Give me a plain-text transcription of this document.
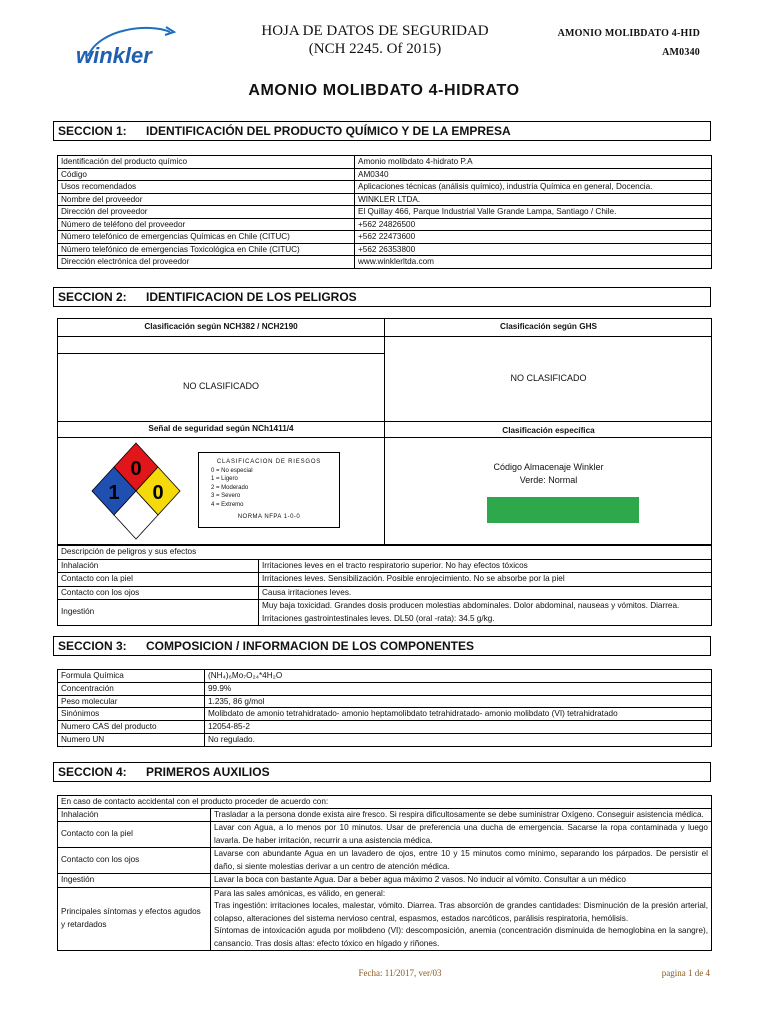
winkler
HOJA DE DATOS DE SEGURIDAD
(NCH 2245. Of 2015)
AMONIO MOLIBDATO 4-HID
AM0340
AMONIO MOLIBDATO 4-HIDRATO
SECCION 1:	IDENTIFICACIÓN DEL PRODUCTO QUÍMICO Y DE LA EMPRESA
Identificación del producto químico	Amonio molibdato 4-hidrato P.A
Código	AM0340
Usos recomendados	Aplicaciones técnicas (análisis químico), industria Química en general, Docencia.
Nombre del proveedor	WINKLER LTDA.
Dirección del proveedor	El Quillay 466, Parque Industrial Valle Grande Lampa, Santiago / Chile.
Número de teléfono del proveedor	+562 24826500
Número telefónico de emergencias Químicas en Chile (CITUC)	+562 22473600
Número telefónico de emergencias Toxicológica en Chile (CITUC)	+562 26353800
Dirección electrónica del proveedor	www.winklerltda.com
SECCION 2:	IDENTIFICACION DE LOS PELIGROS
Clasificación según NCH382 / NCH2190	Clasificación según GHS
NO CLASIFICADO
NO CLASIFICADO
Señal de seguridad según NCh1411/4	Clasificación específica
0
1 0
CLASIFICACION DE RIESGOS
0 = No especial
1 = Ligero
2 = Moderado
3 = Severo
4 = Extremo
NORMA NFPA 1-0-0
Código Almacenaje Winkler
Verde: Normal
Descripción de peligros y sus efectos	
Inhalación	Irritaciones leves en el tracto respiratorio superior. No hay efectos tóxicos
Contacto con la piel	Irritaciones leves. Sensibilización. Posible enrojecimiento. No se absorbe por la piel
Contacto con los ojos	Causa irritaciones leves.
Ingestión	Muy baja toxicidad. Grandes dosis producen molestias abdominales. Dolor abdominal, nauseas y vómitos. Diarrea. Irritaciones gastrointestinales leves. DL50 (oral -rata): 34.5 g/kg.
SECCION 3:	COMPOSICION / INFORMACION DE LOS COMPONENTES
Formula Química	(NH₄)₆Mo₇O₂₄*4H₂O
Concentración	99.9%
Peso molecular	1.235, 86 g/mol
Sinónimos	Molibdato de amonio tetrahidratado- amonio heptamolibdato tetrahidratado- amonio molibdato (VI) tetrahidratado
Numero CAS del producto	12054-85-2
Numero UN	No regulado.
SECCION 4:	PRIMEROS AUXILIOS
En caso de contacto accidental con el producto proceder de acuerdo con:	
Inhalación	Trasladar a la persona donde exista aire fresco. Si respira dificultosamente se debe suministrar Oxígeno. Conseguir asistencia médica.
Contacto con la piel	Lavar con Agua, a lo menos por 10 minutos. Usar de preferencia una ducha de emergencia. Sacarse la ropa contaminada y luego lavarla. De haber irritación, recurrir a una asistencia médica.
Contacto con los ojos	Lavarse con abundante Agua en un lavadero de ojos, entre 10 y 15 minutos como mínimo, separando los párpados. De persistir el daño, si siente molestias derivar a un centro de atención médica.
Ingestión	Lavar la boca con bastante Agua. Dar a beber agua máximo 2 vasos. No inducir al vómito. Consultar a un médico
Principales síntomas y efectos agudos y retardados	Para las sales amónicas, es válido, en general:
Tras ingestión: irritaciones locales, malestar, vómito. Diarrea. Tras absorción de grandes cantidades: Disminución de la presión arterial, colapso, alteraciones del sistema nervioso central, espasmos, estados narcóticos, parálisis respiratoria, hemólisis.
Síntomas de intoxicación aguda por molibdeno (VI): descomposición, anemia (concentración disminuida de hemoglobina en la sangre), cansancio. Tras dosis altas: efecto tóxico en hígado y riñones.
Fecha: 11/2017, ver/03	pagina 1 de 4
